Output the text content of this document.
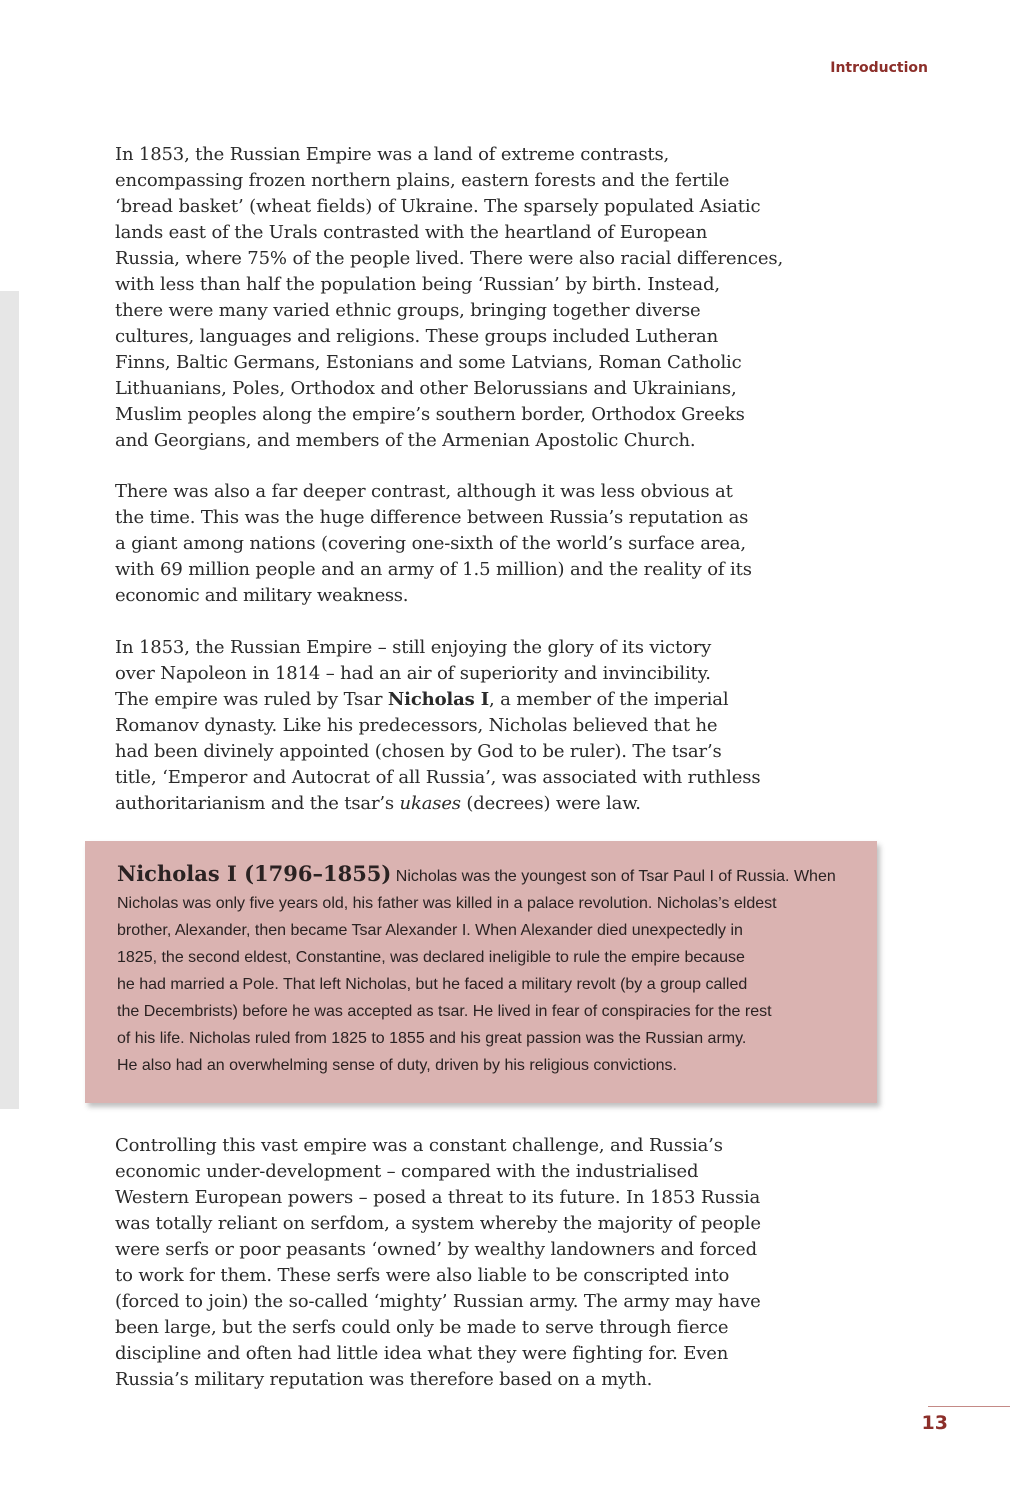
Introduction
In 1853, the Russian Empire was a land of extreme contrasts,
encompassing frozen northern plains, eastern forests and the fertile
‘bread basket’ (wheat fields) of Ukraine. The sparsely populated Asiatic
lands east of the Urals contrasted with the heartland of European
Russia, where 75% of the people lived. There were also racial differences,
with less than half the population being ‘Russian’ by birth. Instead,
there were many varied ethnic groups, bringing together diverse
cultures, languages and religions. These groups included Lutheran
Finns, Baltic Germans, Estonians and some Latvians, Roman Catholic
Lithuanians, Poles, Orthodox and other Belorussians and Ukrainians,
Muslim peoples along the empire’s southern border, Orthodox Greeks
and Georgians, and members of the Armenian Apostolic Church.
There was also a far deeper contrast, although it was less obvious at
the time. This was the huge difference between Russia’s reputation as
a giant among nations (covering one-sixth of the world’s surface area,
with 69 million people and an army of 1.5 million) and the reality of its
economic and military weakness.
In 1853, the Russian Empire – still enjoying the glory of its victory
over Napoleon in 1814 – had an air of superiority and invincibility.
The empire was ruled by Tsar Nicholas I, a member of the imperial
Romanov dynasty. Like his predecessors, Nicholas believed that he
had been divinely appointed (chosen by God to be ruler). The tsar’s
title, ‘Emperor and Autocrat of all Russia’, was associated with ruthless
authoritarianism and the tsar’s ukases (decrees) were law.
Nicholas I (1796–1855) Nicholas was the youngest son of Tsar Paul I of Russia. When
Nicholas was only five years old, his father was killed in a palace revolution. Nicholas’s eldest
brother, Alexander, then became Tsar Alexander I. When Alexander died unexpectedly in
1825, the second eldest, Constantine, was declared ineligible to rule the empire because
he had married a Pole. That left Nicholas, but he faced a military revolt (by a group called
the Decembrists) before he was accepted as tsar. He lived in fear of conspiracies for the rest
of his life. Nicholas ruled from 1825 to 1855 and his great passion was the Russian army.
He also had an overwhelming sense of duty, driven by his religious convictions.
Controlling this vast empire was a constant challenge, and Russia’s
economic under-development – compared with the industrialised
Western European powers – posed a threat to its future. In 1853 Russia
was totally reliant on serfdom, a system whereby the majority of people
were serfs or poor peasants ‘owned’ by wealthy landowners and forced
to work for them. These serfs were also liable to be conscripted into
(forced to join) the so-called ‘mighty’ Russian army. The army may have
been large, but the serfs could only be made to serve through fierce
discipline and often had little idea what they were fighting for. Even
Russia’s military reputation was therefore based on a myth.
13
